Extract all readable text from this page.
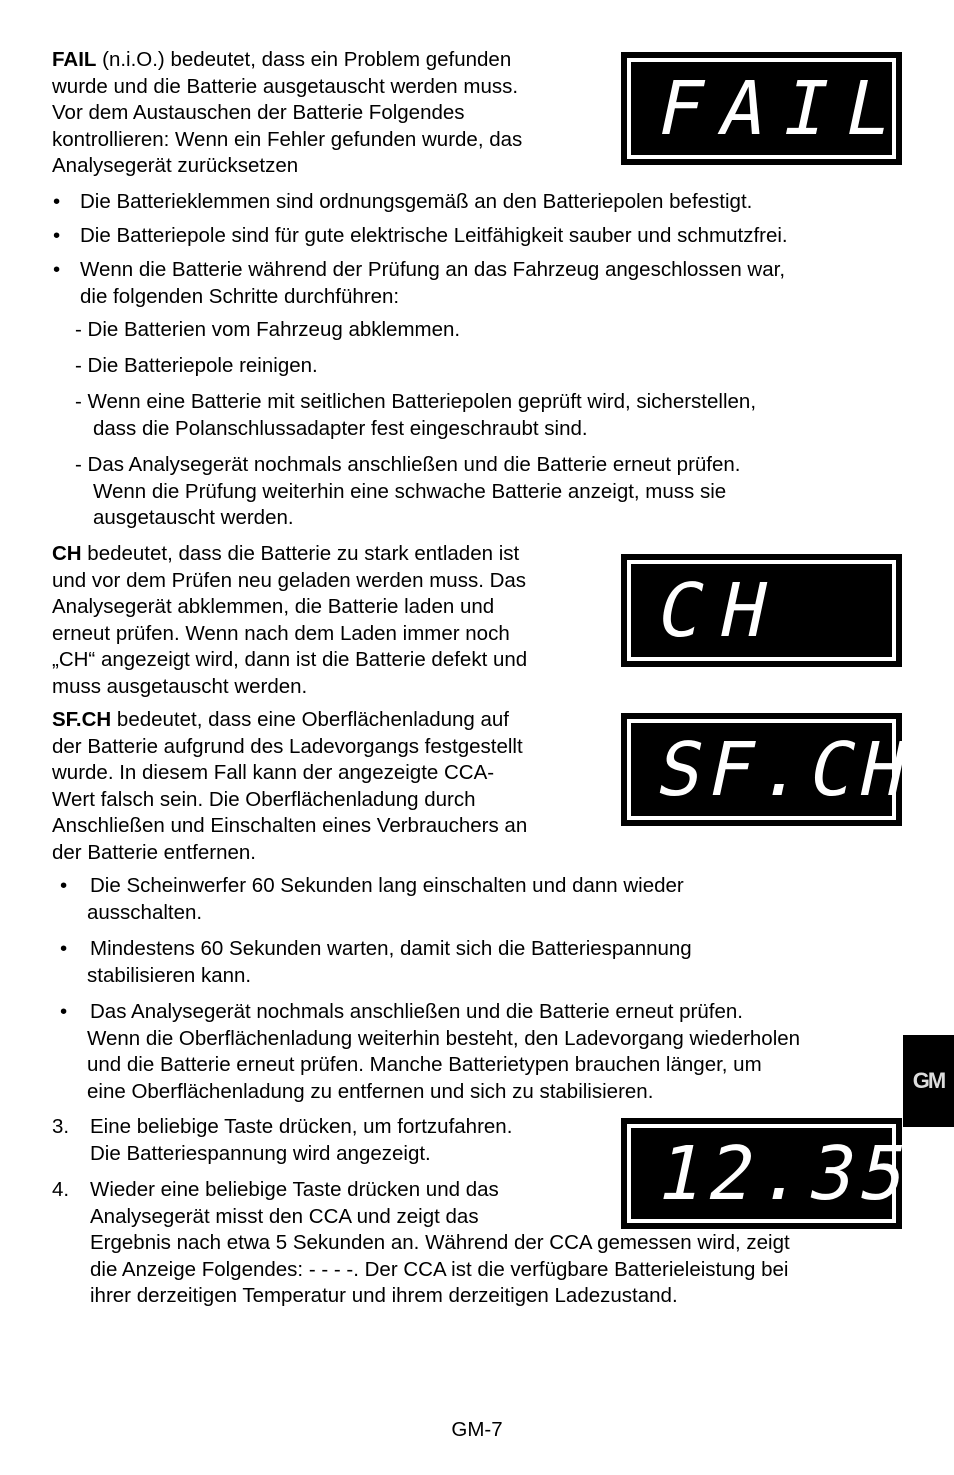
FAIL (n.i.O.) bedeutet, dass ein Problem gefunden
wurde und die Batterie ausgetauscht werden muss.
Vor dem Austauschen der Batterie Folgendes
kontrollieren: Wenn ein Fehler gefunden wurde, das
Analysegerät zurücksetzen
FAIL
• Die Batterieklemmen sind ordnungsgemäß an den Batteriepolen befestigt.
• Die Batteriepole sind für gute elektrische Leitfähigkeit sauber und schmutzfrei.
• Wenn die Batterie während der Prüfung an das Fahrzeug angeschlossen war,
die folgenden Schritte durchführen:
- Die Batterien vom Fahrzeug abklemmen.
- Die Batteriepole reinigen.
- Wenn eine Batterie mit seitlichen Batteriepolen geprüft wird, sicherstellen,
dass die Polanschlussadapter fest eingeschraubt sind.
- Das Analysegerät nochmals anschließen und die Batterie erneut prüfen.
Wenn die Prüfung weiterhin eine schwache Batterie anzeigt, muss sie
ausgetauscht werden.
CH bedeutet, dass die Batterie zu stark entladen ist
und vor dem Prüfen neu geladen werden muss. Das
Analysegerät abklemmen, die Batterie laden und
erneut prüfen. Wenn nach dem Laden immer noch
„CH“ angezeigt wird, dann ist die Batterie defekt und
muss ausgetauscht werden.
CH
SF.CH bedeutet, dass eine Oberflächenladung auf
der Batterie aufgrund des Ladevorgangs festgestellt
wurde. In diesem Fall kann der angezeigte CCA-
Wert falsch sein. Die Oberflächenladung durch
Anschließen und Einschalten eines Verbrauchers an
der Batterie entfernen.
SF.CH
• Die Scheinwerfer 60 Sekunden lang einschalten und dann wieder
ausschalten.
• Mindestens 60 Sekunden warten, damit sich die Batteriespannung
stabilisieren kann.
• Das Analysegerät nochmals anschließen und die Batterie erneut prüfen.
Wenn die Oberflächenladung weiterhin besteht, den Ladevorgang wiederholen
und die Batterie erneut prüfen. Manche Batterietypen brauchen länger, um
eine Oberflächenladung zu entfernen und sich zu stabilisieren.
3. Eine beliebige Taste drücken, um fortzufahren.
Die Batteriespannung wird angezeigt.
4. Wieder eine beliebige Taste drücken und das
Analysegerät misst den CCA und zeigt das
Ergebnis nach etwa 5 Sekunden an. Während der CCA gemessen wird, zeigt
die Anzeige Folgendes: - - - -. Der CCA ist die verfügbare Batterieleistung bei
ihrer derzeitigen Temperatur und ihrem derzeitigen Ladezustand.
12.35
GM
GM-7
